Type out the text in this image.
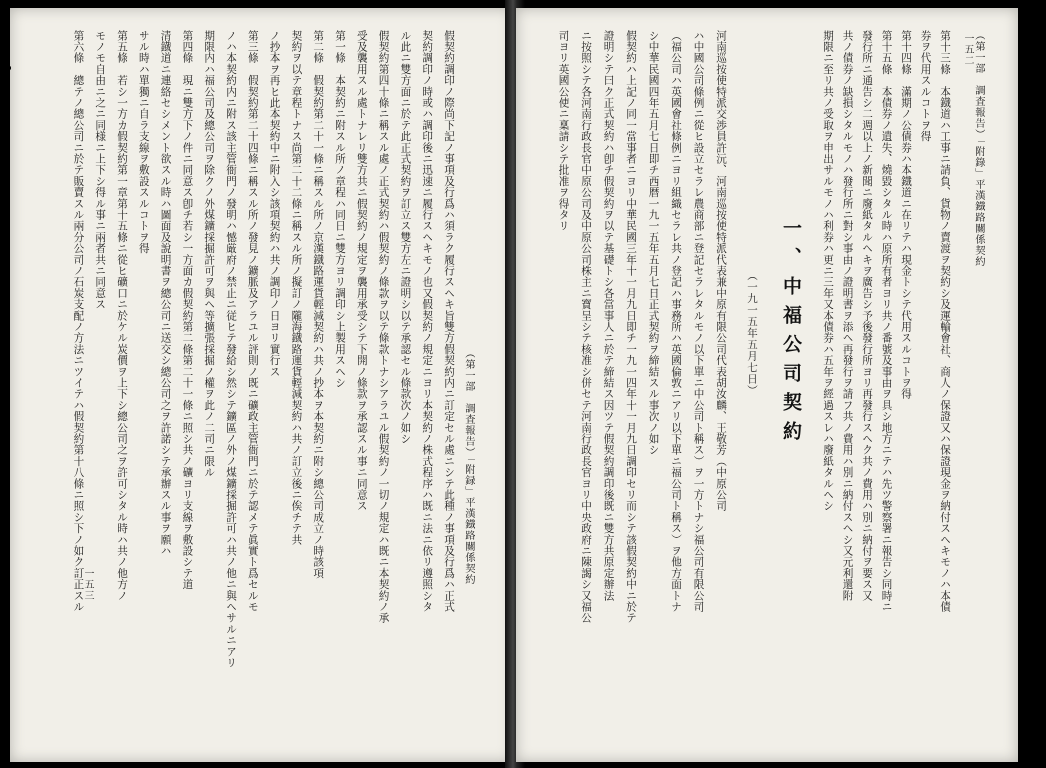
（第一部　調査報告）「附録」平漢鐡路關係契約
一五三	假契約調印ノ際尚下記ノ事項及行爲ハ須ラク履行スヘキ旨雙方假契約内ニ訂定セル處ニシテ此種ノ事項及行爲ハ正式
契約調印ノ時或ハ調印後ニ迅速ニ履行スヘキモノ也又假契約ノ規定ニヨリ本契約ノ株式程序ハ既ニ法ニ依リ遵照シタ
ル此ニ雙方面ニ於テ此正式契約ヲ訂立ス雙方左ニ證明シ以テ承認セル條款次ノ如シ
假契約第四十條ニ稱スル處ノ正式契約ハ假契約ノ條款ヲ以テ條款トナシアラユル假契約ノ一切ノ規定ハ既ニ本契約ノ承
受及襲用スル處トナレリ雙方共ニ假契約ノ規定ヲ襲用承受シテ下開ノ條款ヲ承認スル事ニ同意ス
第一條　本契約ニ附スル所ノ章程ハ同日ニ雙方ヨリ調印シ上製用スヘシ
第二條　假契約第二十一條ニ稱スル所ノ京漢鐡路運貨輕減契約ハ共ノ抄本ヲ本契約ニ附シ總公司成立ノ時該項
契約ヲ以テ章程トナス尚第二十二條ニ稱スル所ノ擬訂ノ隴海鐡路運貨輕減契約ハ共ノ訂立後ニ俟チテ共
ノ抄本ヲ再ヒ此本契約中ニ附入シ該項契約ハ共ノ調印ノ日ヨリ實行ス
第三條　假契約第二十四條ニ稱スル所ノ發見ノ鑛脈及アラユル評則ノ既ニ礦政主管衙門ニ於テ認メテ眞實ト爲セルモ
ノハ本契約内ニ附ス該主管衙門ノ發明ハ憾厳府ノ禁止ニ従ヒテ發給シ然シテ鑛區ノ外ノ煤鑛採掘許可ハ共ノ他ニ與ヘサルニアリ
期限内ハ福公司及總公司ヲ除クノ外煤鑛採掘許可ヲ與ヘ等擴張採掘ノ權ヲ此ノ二司ニ限ル
第四條　現ニ雙方下ノ件ニ同意ス卽チ若シ一方面カ假契約第二條第二十一條ニ照シ共ノ礦ヨリ支線ヲ敷設シテ道
清鐡道ニ連絡セシメント欲スル時ハ圖面及說明書ヲ總公司ニ送交シ總公司之ヲ許諾シテ承辦スル事ヲ願ハ
サル時ハ單獨ニ自ラ支線ヲ敷設スルコトヲ得
第五條　若シ一方カ假契約第一章第十五條ニ從ヒ礦口ニ於ケル炭價ヲ上下シ總公司之ヲ許可シタル時ハ共ノ他方ノ
モノモ自由ニ之ニ同様ニ上下シ得ル事ニ兩者共ニ同意ス
第六條　總テノ總公司ニ於テ販賣スル兩分公司ノ石炭支配ノ方法ニツイテハ假契約第十八條ニ照シ下ノ如ク訂正スル	（第一部　調査報告）「附錄」平漢鐡路關係契約
一五二
第十三條　本鐡道ハ工事ニ請負、貨物ノ賣渡ヲ契約シ及運輸會社、商人ノ保證又ハ保證現金ヲ納付スヘキモノハ本債
券ヲ代用スルコトヲ得
第十四條　滿期ノ公債券ハ本鐡道ニ在リテハ現金トシテ代用スルコトヲ得
第十五條　本債券ノ遺失、燒毀シタル時ハ原所有者ヨリ共ノ番號及事由ヲ具シ地方ニテハ先ツ警察署ニ報告シ同時ニ
發行所ニ通告シ二週以上ノ新聞ニ廢紙タルヘキヲ廣告シ予後發行所ヨリ再發行スヘク共ノ費用ハ別ニ納付ヲ要ス又
共ノ債券ノ缺損シタルモノハ發行所ニ對シ事由ノ證明書ヲ添ヘ再發行ヲ請フ共ノ費用ハ別ニ納付スヘシ又元利還附
期限ニ至リ共ノ受取ヲ申出サルモノハ利券ハ更ニ三年又本債券ハ五年ヲ經過スレハ廢紙タルヘシ
一、中福公司契約
（一九一五年五月七日）
河南巡按使特派交渉員許沅、河南巡按使特派代表兼中原有限公司代表胡汝麟、王敬芳（中原公司
ハ中國公司條例ニ從ヒ設立セラレ農商部ニ登記セラレタルモノ以下單ニ中公司ト稱ス）ヲ一方トナシ福公司有限公司
（福公司ハ英國會社條例ニヨリ組織セラレ共ノ登記ハ事務所ハ英國倫敦ニアリ以下單ニ福公司ト稱ス）ヲ他方面トナ
シ中華民國四年五月七日即チ西暦一九一五年五月七日正式契約ヲ締結スル事次ノ如シ
假契約ハ上記ノ同一當事者ニヨリ中華民國三年十一月九日即チ一九一四年十一月九日調印セリ而シテ該假契約中ニ於テ
證明シテ曰ク正式契約ハ卽チ假契約ヲ以テ基礎トシ各當事人ニ於テ締結ス因ツテ假契約調印後既ニ雙方共原定辦法
ニ按照シテ各河南行政長官中原公司及中原公司株主ニ寶呈シテ核准シ併セテ河南行政長官ヨリ中央政府ニ陳謁シ又福公
司ヨリ英國公使ニ稟請シテ批准ヲ得タリ
